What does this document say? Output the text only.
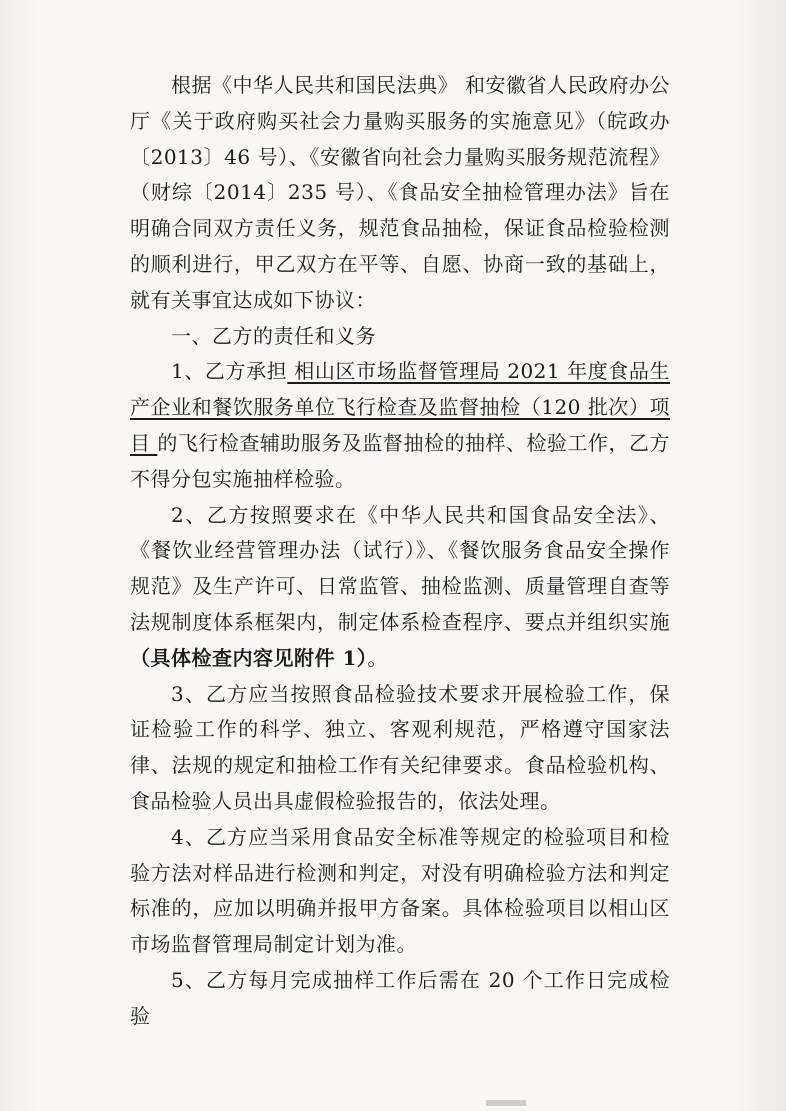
根据《中华人民共和国民法典》 和安徽省人民政府办公厅《关于政府购买社会力量购买服务的实施意见》（皖政办〔2013〕46 号）、《安徽省向社会力量购买服务规范流程》（财综〔2014〕235 号）、《食品安全抽检管理办法》旨在明确合同双方责任义务，规范食品抽检，保证食品检验检测的顺利进行，甲乙双方在平等、自愿、协商一致的基础上，就有关事宜达成如下协议：

一、乙方的责任和义务

1、乙方承担 相山区市场监督管理局 2021 年度食品生产企业和餐饮服务单位飞行检查及监督抽检（120 批次）项目 的飞行检查辅助服务及监督抽检的抽样、检验工作，乙方不得分包实施抽样检验。

2、乙方按照要求在《中华人民共和国食品安全法》、《餐饮业经营管理办法（试行）》、《餐饮服务食品安全操作规范》及生产许可、日常监管、抽检监测、质量管理自查等法规制度体系框架内，制定体系检查程序、要点并组织实施（具体检查内容见附件 1）。

3、乙方应当按照食品检验技术要求开展检验工作，保证检验工作的科学、独立、客观利规范，严格遵守国家法律、法规的规定和抽检工作有关纪律要求。食品检验机构、食品检验人员出具虚假检验报告的，依法处理。

4、乙方应当采用食品安全标准等规定的检验项目和检验方法对样品进行检测和判定，对没有明确检验方法和判定标准的，应加以明确并报甲方备案。具体检验项目以相山区市场监督管理局制定计划为准。

5、乙方每月完成抽样工作后需在 20 个工作日完成检验
